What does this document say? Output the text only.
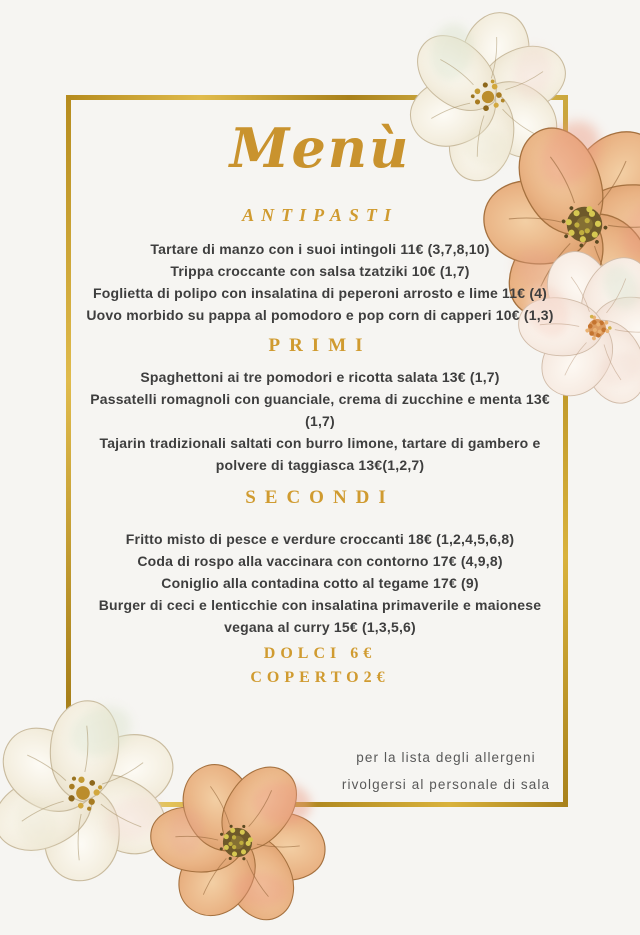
Menù
ANTIPASTI

Tartare di manzo con i suoi intingoli 11€ (3,7,8,10)

Trippa croccante con salsa tzatziki 10€ (1,7)

Foglietta di polipo con insalatina di peperoni arrosto e lime 11€ (4)

Uovo morbido su pappa al pomodoro e pop corn di capperi 10€ (1,3)

PRIMI

Spaghettoni ai tre pomodori e ricotta salata 13€ (1,7)

Passatelli romagnoli con guanciale, crema di zucchine e menta 13€ (1,7)

Tajarin tradizionali saltati con burro limone, tartare di gambero e polvere di taggiasca 13€(1,2,7)

SECONDI

Fritto misto di pesce e verdure croccanti 18€ (1,2,4,5,6,8)

Coda di rospo alla vaccinara con contorno 17€ (4,9,8)

Coniglio alla contadina cotto al tegame 17€ (9)

Burger di ceci e lenticchie con insalatina primaverile e maionese vegana al curry 15€ (1,3,5,6)

DOLCI 6€

COPERTO2€

per la lista degli allergeni

rivolgersi al personale di sala
